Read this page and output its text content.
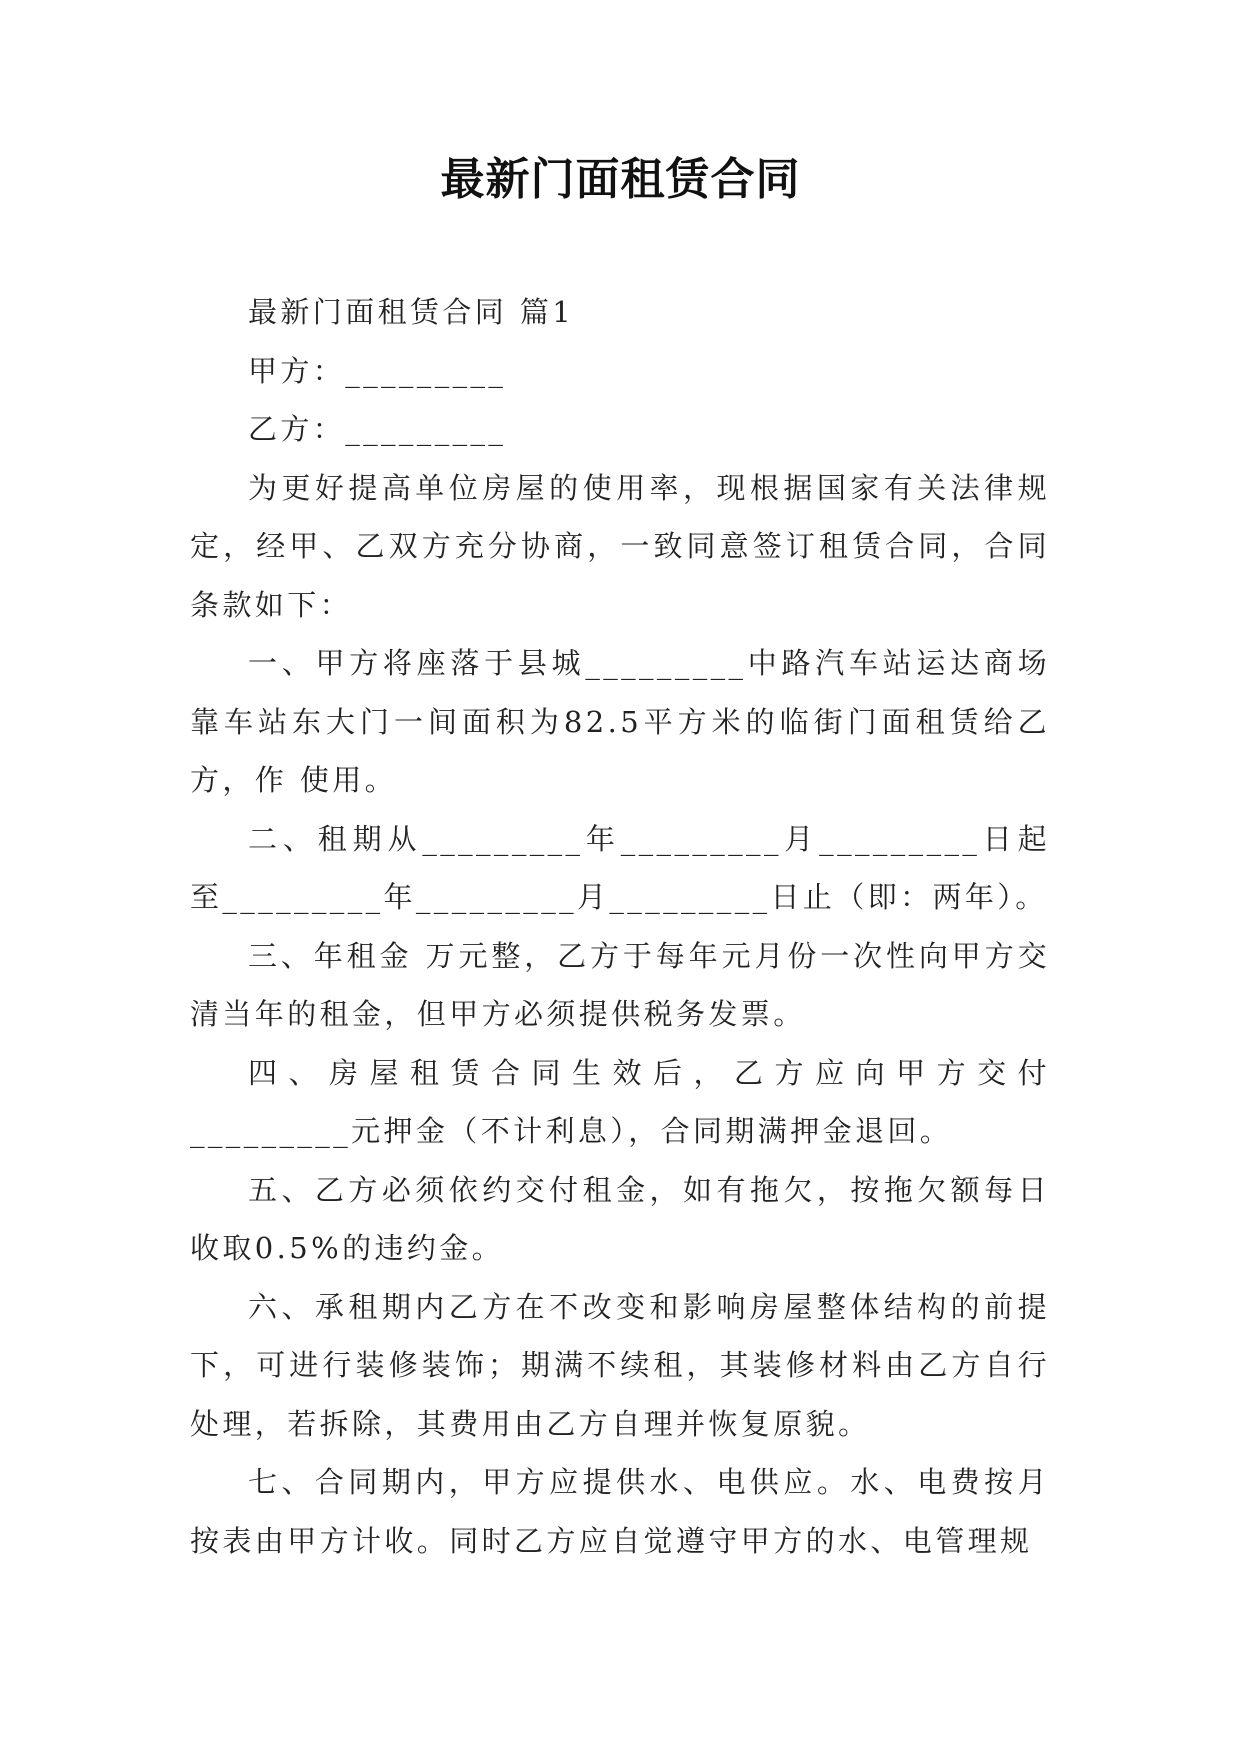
最新门面租赁合同

最新门面租赁合同 篇1

甲方：_________

乙方：_________

为更好提高单位房屋的使用率，现根据国家有关法律规定，经甲、乙双方充分协商，一致同意签订租赁合同，合同条款如下：

一、甲方将座落于县城_________中路汽车站运达商场靠车站东大门一间面积为82.5平方米的临街门面租赁给乙方，作 使用。

二、租期从_________年_________月_________日起至_________年_________月_________日止（即：两年）。

三、年租金 万元整，乙方于每年元月份一次性向甲方交清当年的租金，但甲方必须提供税务发票。

四、房屋租赁合同生效后，乙方应向甲方交付_________元押金（不计利息），合同期满押金退回。

五、乙方必须依约交付租金，如有拖欠，按拖欠额每日收取0.5%的违约金。

六、承租期内乙方在不改变和影响房屋整体结构的前提下，可进行装修装饰；期满不续租，其装修材料由乙方自行处理，若拆除，其费用由乙方自理并恢复原貌。

七、合同期内，甲方应提供水、电供应。水、电费按月按表由甲方计收。同时乙方应自觉遵守甲方的水、电管理规
